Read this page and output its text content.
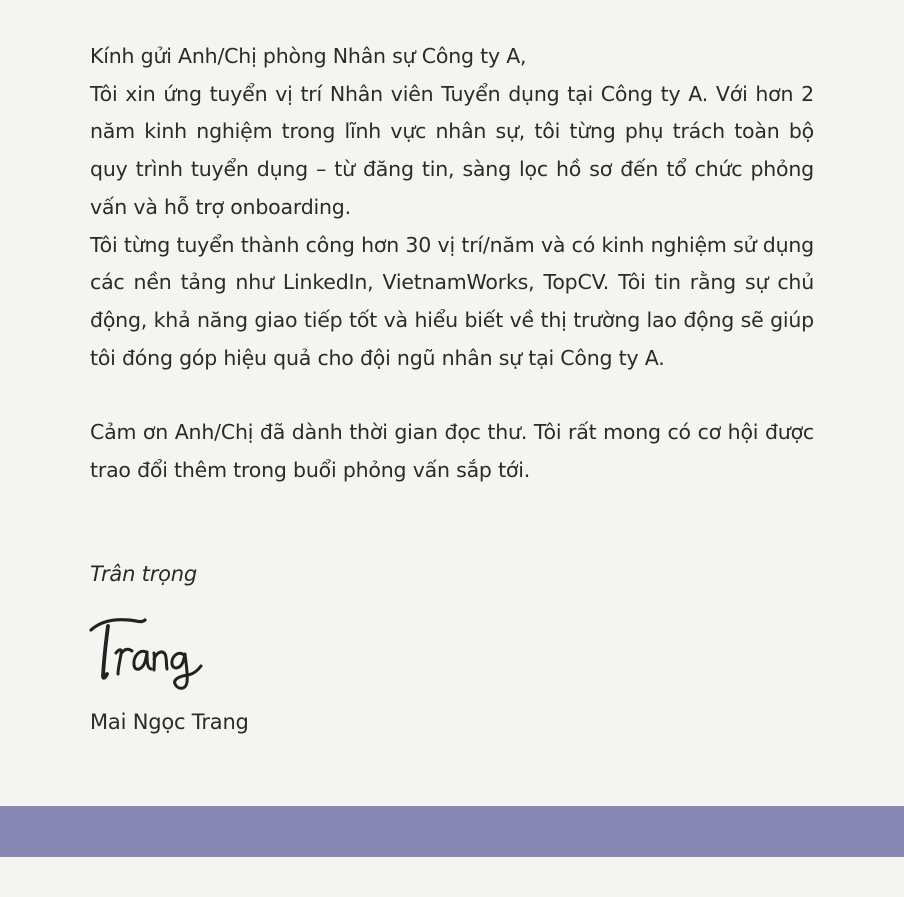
Kính gửi Anh/Chị phòng Nhân sự Công ty A,

Tôi xin ứng tuyển vị trí Nhân viên Tuyển dụng tại Công ty A. Với hơn 2 năm kinh nghiệm trong lĩnh vực nhân sự, tôi từng phụ trách toàn bộ quy trình tuyển dụng – từ đăng tin, sàng lọc hồ sơ đến tổ chức phỏng vấn và hỗ trợ onboarding.

Tôi từng tuyển thành công hơn 30 vị trí/năm và có kinh nghiệm sử dụng các nền tảng như LinkedIn, VietnamWorks, TopCV. Tôi tin rằng sự chủ động, khả năng giao tiếp tốt và hiểu biết về thị trường lao động sẽ giúp tôi đóng góp hiệu quả cho đội ngũ nhân sự tại Công ty A.

Cảm ơn Anh/Chị đã dành thời gian đọc thư. Tôi rất mong có cơ hội được trao đổi thêm trong buổi phỏng vấn sắp tới.

Trân trọng
Mai Ngọc Trang
